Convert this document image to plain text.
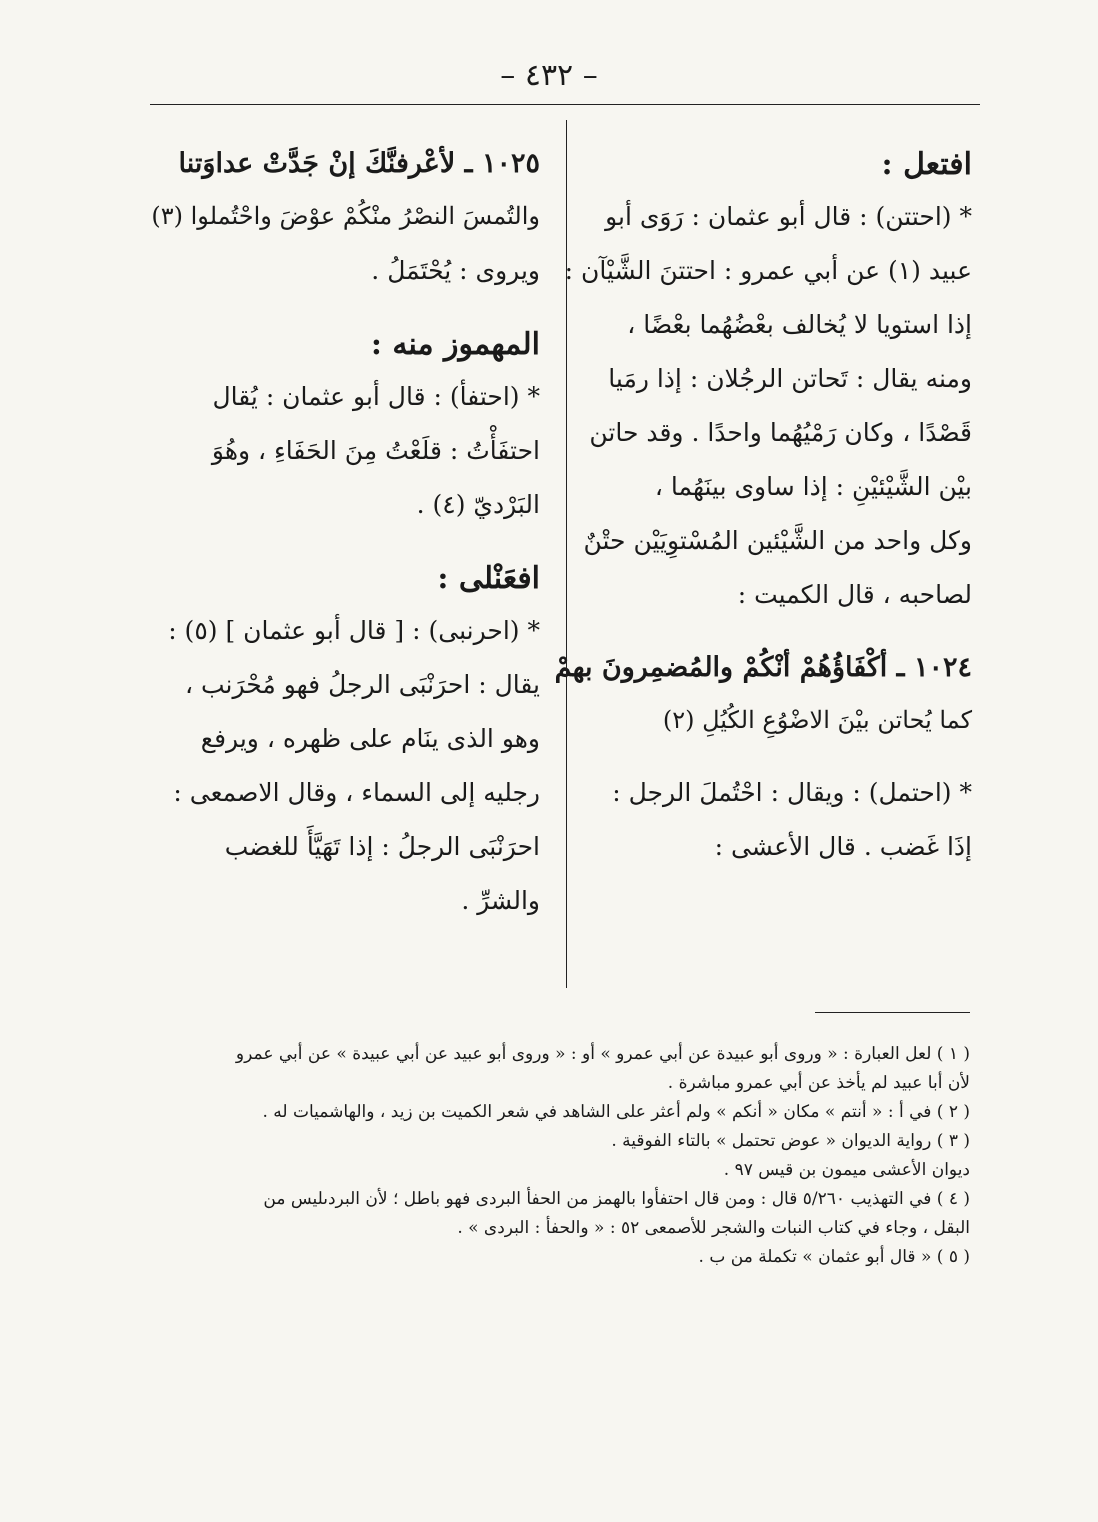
– ٤٣٢ –
افتعل :
* (احتتن) : قال أبو عثمان : رَوَى أبو
عبيد (١) عن أبي عمرو : احتتنَ الشَّيْآن :
إذا استويا لا يُخالف بعْضُهُما بعْضًا ،
ومنه يقال : تَحاتن الرجُلان : إذا رمَيا
قَصْدًا ، وكان رَمْيُهُما واحدًا . وقد حاتن
بيْن الشَّيْئيْنِ : إذا ساوى بينَهُما ،
وكل واحد من الشَّيْئين المُسْتوِيَيْن حتْنٌ
لصاحبه ، قال الكميت :
١٠٢٤ ـ أكْفَاؤُهُمْ أنْكُمْ والمُضمِرونَ بهمْ
كما يُحاتن بيْنَ الاضْوُعِ الكُيُلِ (٢)
* (احتمل) : ويقال : احْتُملَ الرجل :
إذَا غَضب . قال الأعشى :
١٠٢٥ ـ لأعْرفنَّكَ إنْ جَدَّتْ عداوَتنا
والتُمسَ النصْرُ منْكُمْ عوْضَ واحْتُملوا (٣)
ويروى : يُحْتَمَلُ .
المهموز منه :
* (احتفأ) : قال أبو عثمان : يُقال
احتفَأْتُ : قلَعْتُ مِنَ الحَفَاءِ ، وهُوَ
البَرْديّ (٤) .
افعَنْلى :
* (احرنبى) : [ قال أبو عثمان ] (٥) :
يقال : احرَنْبَى الرجلُ فهو مُحْرَنب ،
وهو الذى ينَام على ظهره ، ويرفع
رجليه إلى السماء ، وقال الاصمعى :
احرَنْبَى الرجلُ : إذا تَهَيَّأَ للغضب
والشرِّ .
( ١ ) لعل العبارة : « وروى أبو عبيدة عن أبي عمرو » أو : « وروى أبو عبيد عن أبي عبيدة » عن أبي عمرو
لأن أبا عبيد لم يأخذ عن أبي عمرو مباشرة .
( ٢ ) في أ : « أنتم » مكان « أنكم » ولم أعثر على الشاهد في شعر الكميت بن زيد ، والهاشميات له .
( ٣ ) رواية الديوان « عوض تحتمل » بالتاء الفوقية .
ديوان الأعشى ميمون بن قيس ٩٧ .
( ٤ ) في التهذيب ٥/٢٦٠ قال : ومن قال احتفأوا بالهمز من الحفأ البردى فهو باطل ؛ لأن البردىليس من
البقل ، وجاء في كتاب النبات والشجر للأصمعى ٥٢ : « والحفأ : البردى » .
( ٥ ) « قال أبو عثمان » تكملة من ب .
